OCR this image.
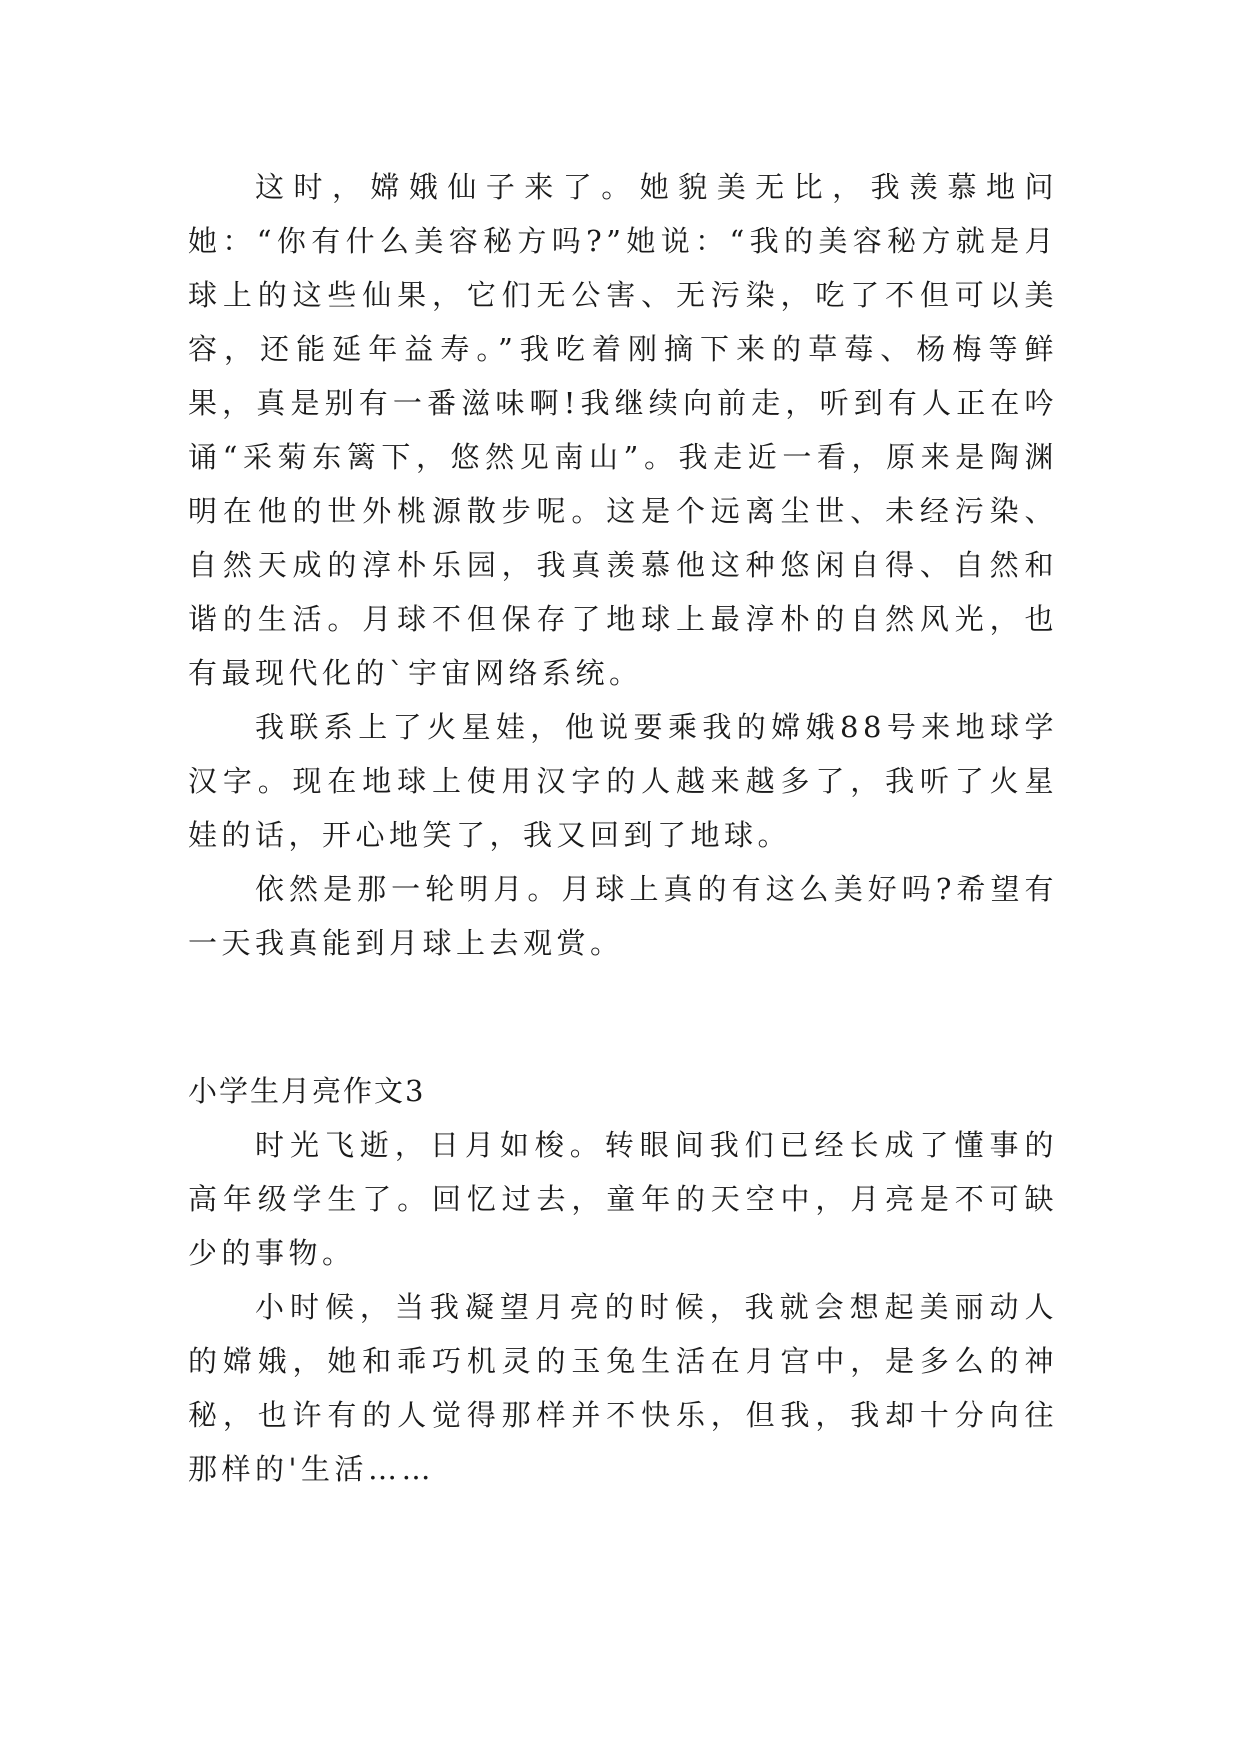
这时，嫦娥仙子来了。她貌美无比，我羡慕地问她：“你有什么美容秘方吗?”她说：“我的美容秘方就是月球上的这些仙果，它们无公害、无污染，吃了不但可以美容，还能延年益寿。”我吃着刚摘下来的草莓、杨梅等鲜果，真是别有一番滋味啊!我继续向前走，听到有人正在吟诵“采菊东篱下，悠然见南山”。我走近一看，原来是陶渊明在他的世外桃源散步呢。这是个远离尘世、未经污染、自然天成的淳朴乐园，我真羡慕他这种悠闲自得、自然和谐的生活。月球不但保存了地球上最淳朴的自然风光，也有最现代化的`宇宙网络系统。

我联系上了火星娃，他说要乘我的嫦娥88号来地球学汉字。现在地球上使用汉字的人越来越多了，我听了火星娃的话，开心地笑了，我又回到了地球。

依然是那一轮明月。月球上真的有这么美好吗?希望有一天我真能到月球上去观赏。

小学生月亮作文3

时光飞逝，日月如梭。转眼间我们已经长成了懂事的高年级学生了。回忆过去，童年的天空中，月亮是不可缺少的事物。

小时候，当我凝望月亮的时候，我就会想起美丽动人的嫦娥，她和乖巧机灵的玉兔生活在月宫中，是多么的神秘，也许有的人觉得那样并不快乐，但我，我却十分向往那样的'生活……
